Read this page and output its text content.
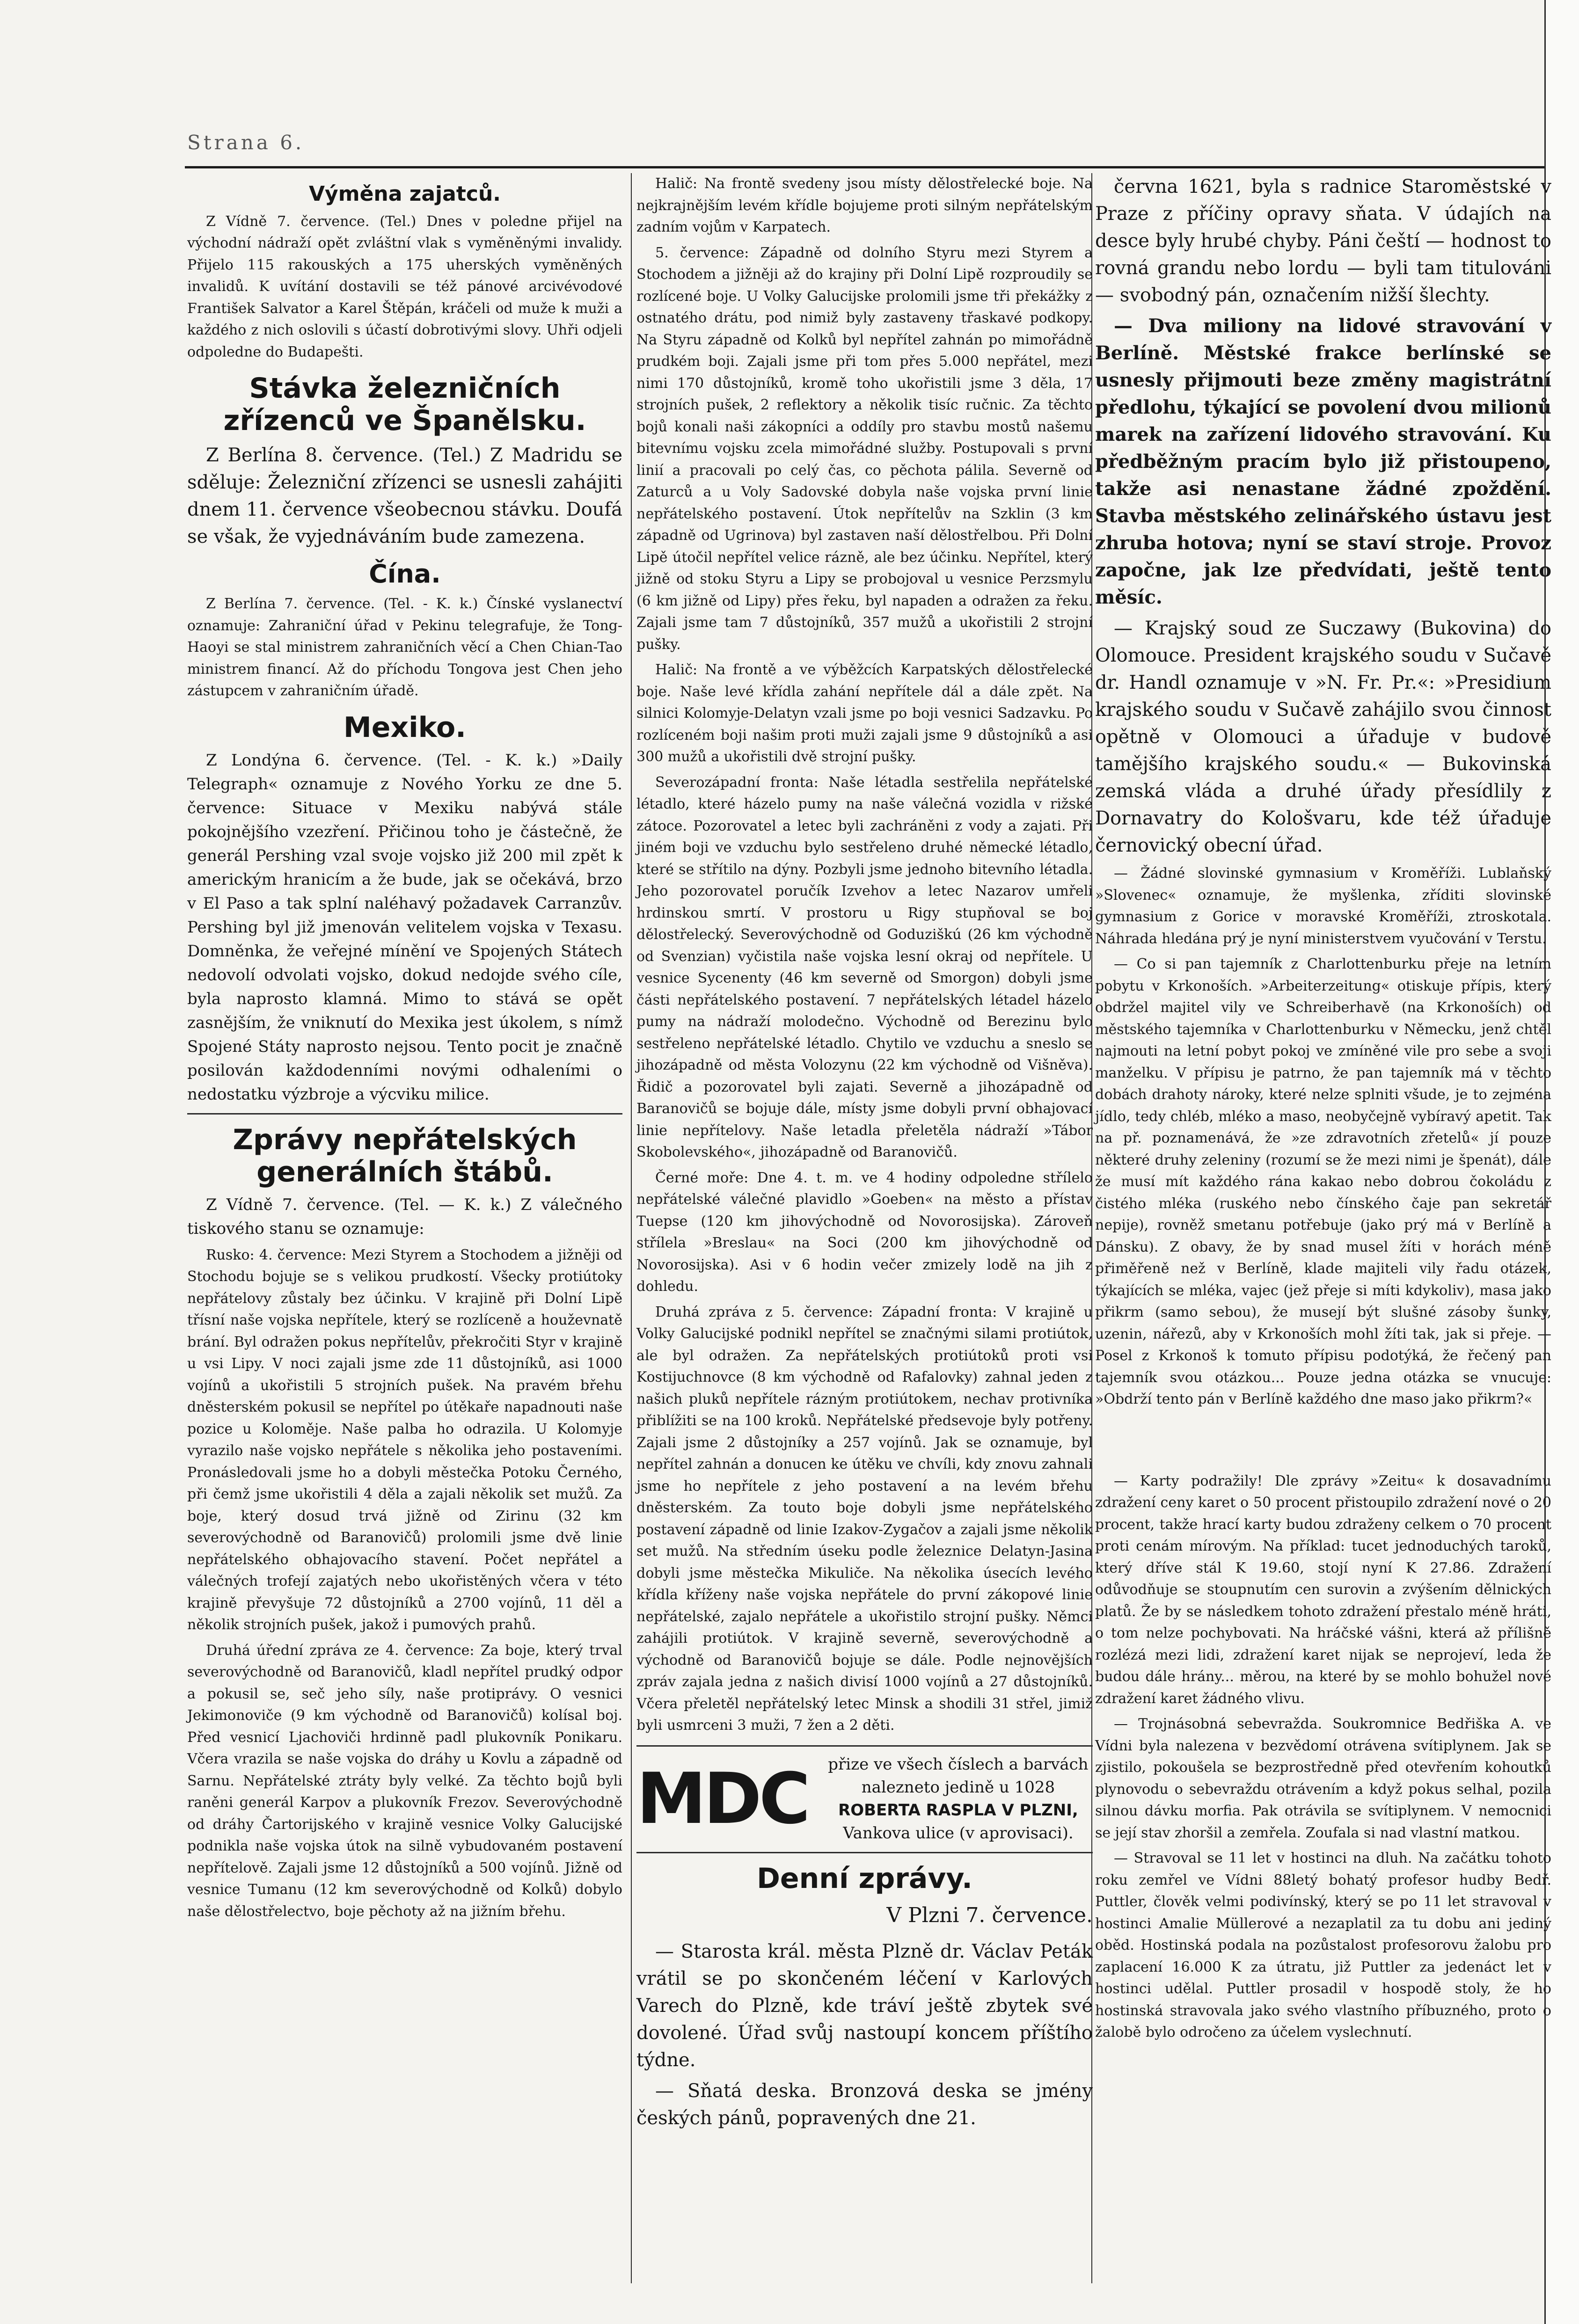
Strana 6.
Výměna zajatců.

Z Vídně 7. července. (Tel.) Dnes v poledne přijel na východní nádraží opět zvláštní vlak s vyměněnými invalidy. Přijelo 115 rakouských a 175 uherských vyměněných invalidů. K uvítání dostavili se též pánové arcivévodové František Salvator a Karel Štěpán, kráčeli od muže k muži a každého z nich oslovili s účastí dobrotivými slovy. Uhři odjeli odpoledne do Budapešti.

Stávka železničních zřízenců ve Španělsku.

Z Berlína 8. července. (Tel.) Z Madridu se sděluje: Železniční zřízenci se usnesli zahájiti dnem 11. července všeobecnou stávku. Doufá se však, že vyjednáváním bude zamezena.

Čína.

Z Berlína 7. července. (Tel. - K. k.) Čínské vyslanectví oznamuje: Zahraniční úřad v Pekinu telegrafuje, že Tong-Haoyi se stal ministrem zahraničních věcí a Chen Chian-Tao ministrem financí. Až do příchodu Tongova jest Chen jeho zástupcem v zahraničním úřadě.

Mexiko.

Z Londýna 6. července. (Tel. - K. k.) »Daily Telegraph« oznamuje z Nového Yorku ze dne 5. července: Situace v Mexiku nabývá stále pokojnějšího vzezření. Přičinou toho je částečně, že generál Pershing vzal svoje vojsko již 200 mil zpět k americkým hranicím a že bude, jak se očekává, brzo v El Paso a tak splní naléhavý požadavek Carranzův. Pershing byl již jmenován velitelem vojska v Texasu. Domněnka, že veřejné mínění ve Spojených Státech nedovolí odvolati vojsko, dokud nedojde svého cíle, byla naprosto klamná. Mimo to stává se opět zasnějším, že vniknutí do Mexika jest úkolem, s nímž Spojené Státy naprosto nejsou. Tento pocit je značně posilován každodenními novými odhaleními o nedostatku výzbroje a výcviku milice.

Zprávy nepřátelských generálních štábů.

Z Vídně 7. července. (Tel. — K. k.) Z válečného tiskového stanu se oznamuje:

Rusko: 4. července: Mezi Styrem a Stochodem a jižněji od Stochodu bojuje se s velikou prudkostí. Všecky protiútoky nepřátelovy zůstaly bez účinku. V krajině při Dolní Lipě třísní naše vojska nepřítele, který se rozlíceně a houževnatě brání. Byl odražen pokus nepřítelův, překročiti Styr v krajině u vsi Lipy. V noci zajali jsme zde 11 důstojníků, asi 1000 vojínů a ukořistili 5 strojních pušek. Na pravém břehu dněsterském pokusil se nepřítel po útěkaře napadnouti naše pozice u Koloměje. Naše palba ho odrazila. U Kolomyje vyrazilo naše vojsko nepřátele s několika jeho postaveními. Pronásledovali jsme ho a dobyli městečka Potoku Černého, při čemž jsme ukořistili 4 děla a zajali několik set mužů. Za boje, který dosud trvá jižně od Zirinu (32 km severovýchodně od Baranovičů) prolomili jsme dvě linie nepřátelského obhajovacího stavení. Počet nepřátel a válečných trofejí zajatých nebo ukořistěných včera v této krajině převyšuje 72 důstojníků a 2700 vojínů, 11 děl a několik strojních pušek, jakož i pumových prahů.

Druhá úřední zpráva ze 4. července: Za boje, který trval severovýchodně od Baranovičů, kladl nepřítel prudký odpor a pokusil se, seč jeho síly, naše protiprávy. O vesnici Jekimonoviče (9 km východně od Baranovičů) kolísal boj. Před vesnicí Ljachoviči hrdinně padl plukovník Ponikaru. Včera vrazila se naše vojska do dráhy u Kovlu a západně od Sarnu. Nepřátelské ztráty byly velké. Za těchto bojů byli raněni generál Karpov a plukovník Frezov. Severovýchodně od dráhy Čartorijského v krajině vesnice Volky Galucijské podnikla naše vojska útok na silně vybudovaném postavení nepřítelově. Zajali jsme 12 důstojníků a 500 vojínů. Jižně od vesnice Tumanu (12 km severovýchodně od Kolků) dobylo naše dělostřelectvo, boje pěchoty až na jižním břehu.

Halič: Na frontě svedeny jsou místy dělostřelecké boje. Na nejkrajnějším levém křídle bojujeme proti silným nepřátelským zadním vojům v Karpatech.

5. července: Západně od dolního Styru mezi Styrem a Stochodem a jižněji až do krajiny při Dolní Lipě rozproudily se rozlícené boje. U Volky Galucijske prolomili jsme tři překážky z ostnatého drátu, pod nimiž byly zastaveny třaskavé podkopy. Na Styru západně od Kolků byl nepřítel zahnán po mimořádně prudkém boji. Zajali jsme při tom přes 5.000 nepřátel, mezi nimi 170 důstojníků, kromě toho ukořistili jsme 3 děla, 17 strojních pušek, 2 reflektory a několik tisíc ručnic. Za těchto bojů konali naši zákopníci a oddíly pro stavbu mostů našemu bitevnímu vojsku zcela mimořádné služby. Postupovali s první linií a pracovali po celý čas, co pěchota pálila. Severně od Zaturců a u Voly Sadovské dobyla naše vojska první linie nepřátelského postavení. Útok nepřítelův na Szklin (3 km západně od Ugrinova) byl zastaven naší dělostřelbou. Při Dolní Lipě útočil nepřítel velice rázně, ale bez účinku. Nepřítel, který jižně od stoku Styru a Lipy se probojoval u vesnice Perzsmylu (6 km jižně od Lipy) přes řeku, byl napaden a odražen za řeku. Zajali jsme tam 7 důstojníků, 357 mužů a ukořistili 2 strojní pušky.

Halič: Na frontě a ve výběžcích Karpatských dělostřelecké boje. Naše levé křídla zahání nepřítele dál a dále zpět. Na silnici Kolomyje-Delatyn vzali jsme po boji vesnici Sadzavku. Po rozlíceném boji našim proti muži zajali jsme 9 důstojníků a asi 300 mužů a ukořistili dvě strojní pušky.

Severozápadní fronta: Naše létadla sestřelila nepřátelské létadlo, které házelo pumy na naše válečná vozidla v rižské zátoce. Pozorovatel a letec byli zachráněni z vody a zajati. Při jiném boji ve vzduchu bylo sestřeleno druhé německé létadlo, které se střítilo na dýny. Pozbyli jsme jednoho bitevního létadla. Jeho pozorovatel poručík Izvehov a letec Nazarov umřeli hrdinskou smrtí. V prostoru u Rigy stupňoval se boj dělostřelecký. Severovýchodně od Goduziškú (26 km východně od Svenzian) vyčistila naše vojska lesní okraj od nepřítele. U vesnice Sycenenty (46 km severně od Smorgon) dobyli jsme části nepřátelského postavení. 7 nepřátelských létadel házelo pumy na nádraží molodečno. Východně od Berezinu bylo sestřeleno nepřátelské létadlo. Chytilo ve vzduchu a sneslo se jihozápadně od města Volozynu (22 km východně od Višněva). Řidič a pozorovatel byli zajati. Severně a jihozápadně od Baranovičů se bojuje dále, místy jsme dobyli první obhajovací linie nepřítelovy. Naše letadla přeletěla nádraží »Tábor Skobolevského«, jihozápadně od Baranovičů.

Černé moře: Dne 4. t. m. ve 4 hodiny odpoledne střílelo nepřátelské válečné plavidlo »Goeben« na město a přístav Tuepse (120 km jihovýchodně od Novorosijska). Zároveň střílela »Breslau« na Soci (200 km jihovýchodně od Novorosijska). Asi v 6 hodin večer zmizely lodě na jih z dohledu.

Druhá zpráva z 5. července: Západní fronta: V krajině u Volky Galucijské podnikl nepřítel se značnými silami protiútok, ale byl odražen. Za nepřátelských protiútoků proti vsi Kostijuchnovce (8 km východně od Rafalovky) zahnal jeden z našich pluků nepřítele rázným protiútokem, nechav protivníka přiblížiti se na 100 kroků. Nepřátelské předsevoje byly potřeny. Zajali jsme 2 důstojníky a 257 vojínů. Jak se oznamuje, byl nepřítel zahnán a donucen ke útěku ve chvíli, kdy znovu zahnali jsme ho nepřítele z jeho postavení a na levém břehu dněsterském. Za touto boje dobyli jsme nepřátelského postavení západně od linie Izakov-Zygačov a zajali jsme několik set mužů. Na středním úseku podle železnice Delatyn-Jasina dobyli jsme městečka Mikuliče. Na několika úsecích levého křídla kříženy naše vojska nepřátele do první zákopové linie nepřátelské, zajalo nepřátele a ukořistilo strojní pušky. Němci zahájili protiútok. V krajině severně, severovýchodně a východně od Baranovičů bojuje se dále. Podle nejnovějších zpráv zajala jedna z našich divisí 1000 vojínů a 27 důstojníků. Včera přeletěl nepřátelský letec Minsk a shodili 31 střel, jimiž byli usmrceni 3 muži, 7 žen a 2 děti.

MDC přize ve všech číslech a barvách
nalezneto jedině u 1028
ROBERTA RASPLA V PLZNI,
Vankova ulice (v aprovisaci).
Denní zprávy.
V Plzni 7. července.

— Starosta král. města Plzně dr. Václav Peták vrátil se po skončeném léčení v Karlových Varech do Plzně, kde tráví ještě zbytek své dovolené. Úřad svůj nastoupí koncem příštího týdne.

— Sňatá deska. Bronzová deska se jmény českých pánů, popravených dne 21.

června 1621, byla s radnice Staroměstské v Praze z příčiny opravy sňata. V údajích na desce byly hrubé chyby. Páni čeští — hodnost to rovná grandu nebo lordu — byli tam titulováni — svobodný pán, označením nižší šlechty.

— Dva miliony na lidové stravování v Berlíně. Městské frakce berlínské se usnesly přijmouti beze změny magistrátní předlohu, týkající se povolení dvou milionů marek na zařízení lidového stravování. Ku předběžným pracím bylo již přistoupeno, takže asi nenastane žádné zpoždění. Stavba městského zelinářského ústavu jest zhruba hotova; nyní se staví stroje. Provoz započne, jak lze předvídati, ještě tento měsíc.

— Krajský soud ze Suczawy (Bukovina) do Olomouce. President krajského soudu v Sučavě dr. Handl oznamuje v »N. Fr. Pr.«: »Presidium krajského soudu v Sučavě zahájilo svou činnost opětně v Olomouci a úřaduje v budově tamějšího krajského soudu.« — Bukovinská zemská vláda a druhé úřady přesídlily z Dornavatry do Kološvaru, kde též úřaduje černovický obecní úřad.

— Žádné slovinské gymnasium v Kroměříži. Lublaňský »Slovenec« oznamuje, že myšlenka, zříditi slovinské gymnasium z Gorice v moravské Kroměříži, ztroskotala. Náhrada hledána prý je nyní ministerstvem vyučování v Terstu.

— Co si pan tajemník z Charlottenburku přeje na letním pobytu v Krkonoších. »Arbeiterzeitung« otiskuje přípis, který obdržel majitel vily ve Schreiberhavě (na Krkonoších) od městského tajemníka v Charlottenburku v Německu, jenž chtěl najmouti na letní pobyt pokoj ve zmíněné vile pro sebe a svoji manželku. V přípisu je patrno, že pan tajemník má v těchto dobách drahoty nároky, které nelze splniti všude, je to zejména jídlo, tedy chléb, mléko a maso, neobyčejně vybíravý apetit. Tak na př. poznamenává, že »ze zdravotních zřetelů« jí pouze některé druhy zeleniny (rozumí se že mezi nimi je špenát), dále že musí mít každého rána kakao nebo dobrou čokoládu z čistého mléka (ruského nebo čínského čaje pan sekretář nepije), rovněž smetanu potřebuje (jako prý má v Berlíně a Dánsku). Z obavy, že by snad musel žíti v horách méně přiměřeně než v Berlíně, klade majiteli vily řadu otázek, týkajících se mléka, vajec (jež přeje si míti kdykoliv), masa jako přikrm (samo sebou), že musejí být slušné zásoby šunky, uzenin, nářezů, aby v Krkonoších mohl žíti tak, jak si přeje. — Posel z Krkonoš k tomuto přípisu podotýká, že řečený pan tajemník svou otázkou... Pouze jedna otázka se vnucuje: »Obdrží tento pán v Berlíně každého dne maso jako přikrm?«

— Karty podražily! Dle zprávy »Zeitu« k dosavadnímu zdražení ceny karet o 50 procent přistoupilo zdražení nové o 20 procent, takže hrací karty budou zdraženy celkem o 70 procent proti cenám mírovým. Na příklad: tucet jednoduchých taroků, který dříve stál K 19.60, stojí nyní K 27.86. Zdražení odůvodňuje se stoupnutím cen surovin a zvýšením dělnických platů. Že by se následkem tohoto zdražení přestalo méně hráti, o tom nelze pochybovati. Na hráčské vášni, která až přílišně rozlézá mezi lidi, zdražení karet nijak se neprojeví, leda že budou dále hrány... měrou, na které by se mohlo bohužel nové zdražení karet žádného vlivu.

— Trojnásobná sebevražda. Soukromnice Bedřiška A. ve Vídni byla nalezena v bezvědomí otrávena svítiplynem. Jak se zjistilo, pokoušela se bezprostředně před otevřením kohoutků plynovodu o sebevraždu otrávením a když pokus selhal, pozila silnou dávku morfia. Pak otrávila se svítiplynem. V nemocnici se její stav zhoršil a zemřela. Zoufala si nad vlastní matkou.

— Stravoval se 11 let v hostinci na dluh. Na začátku tohoto roku zemřel ve Vídni 88letý bohatý profesor hudby Bedř. Puttler, člověk velmi podivínský, který se po 11 let stravoval v hostinci Amalie Müllerové a nezaplatil za tu dobu ani jediný oběd. Hostinská podala na pozůstalost profesorovu žalobu pro zaplacení 16.000 K za útratu, již Puttler za jedenáct let v hostinci udělal. Puttler prosadil v hospodě stoly, že ho hostinská stravovala jako svého vlastního příbuzného, proto o žalobě bylo odročeno za účelem vyslechnutí.
